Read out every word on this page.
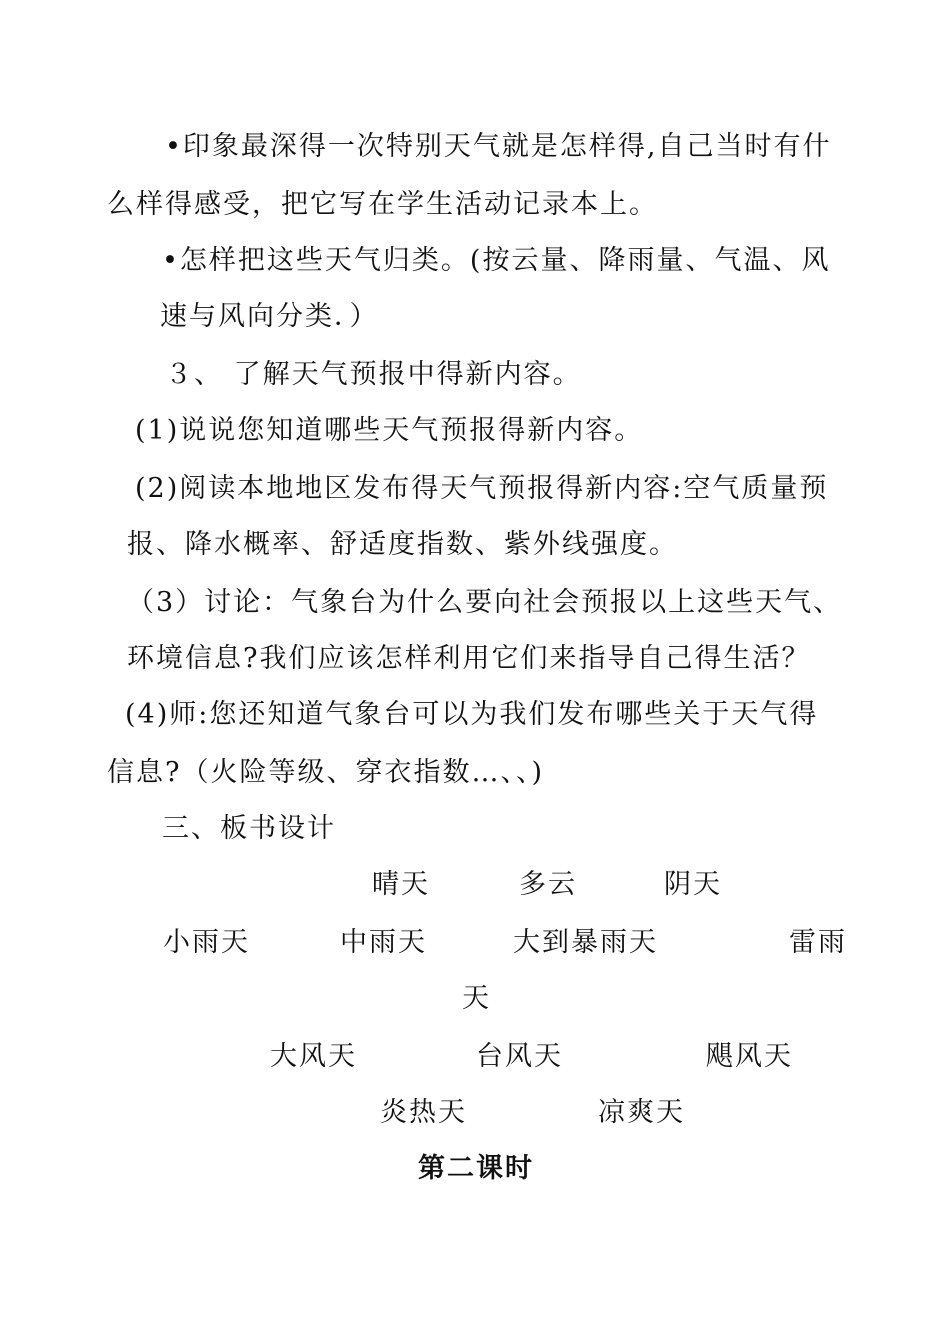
•印象最深得一次特别天气就是怎样得,自己当时有什
么样得感受，把它写在学生活动记录本上。
•怎样把这些天气归类。(按云量、降雨量、气温、风
速与风向分类．）
３、 了解天气预报中得新内容。
(1)说说您知道哪些天气预报得新内容。
(2)阅读本地地区发布得天气预报得新内容:空气质量预
报、降水概率、舒适度指数、紫外线强度。
（3）讨论：气象台为什么要向社会预报以上这些天气、
环境信息?我们应该怎样利用它们来指导自己得生活？
(4)师:您还知道气象台可以为我们发布哪些关于天气得
信息?（火险等级、穿衣指数…、、)
三、板书设计
晴天	多云	阴天
小雨天	中雨天	大到暴雨天	雷雨
天
大风天	台风天	飓风天
炎热天	凉爽天
第二课时
